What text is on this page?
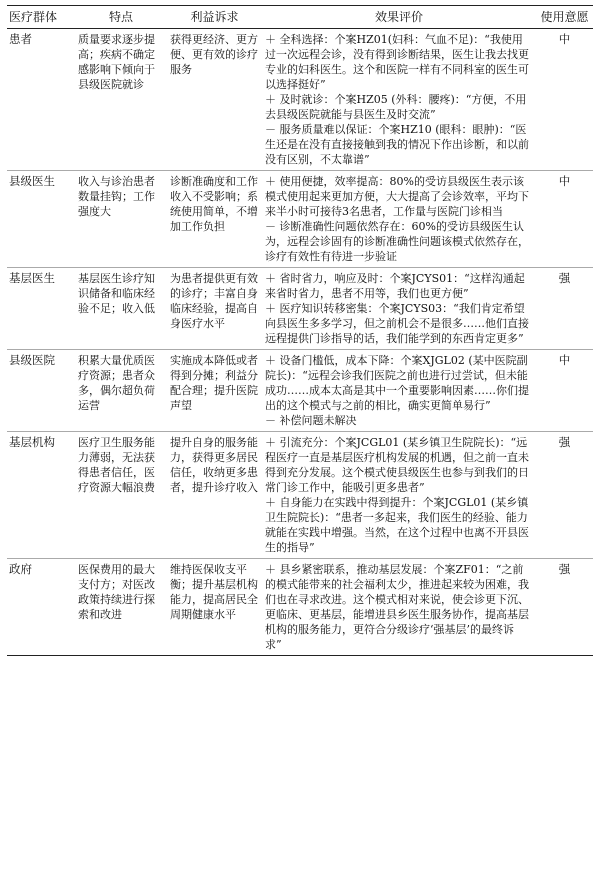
医疗群体	特点	利益诉求	效果评价	使用意愿
患者	质量要求逐步提高；疾病不确定感影响下倾向于县级医院就诊	获得更经济、更方便、更有效的诊疗服务	＋ 全科选择：个案HZ01(妇科：气血不足)：“我使用过一次远程会诊，没有得到诊断结果，医生让我去找更专业的妇科医生。这个和医院一样有不同科室的医生可以选择挺好”

＋ 及时就诊：个案HZ05 (外科：腰疼)：“方便，不用去县级医院就能与县医生及时交流”

－ 服务质量难以保证：个案HZ10 (眼科：眼肿)：“医生还是在没有直接接触到我的情况下作出诊断，和以前没有区别，不太靠谱”	中
县级医生	收入与诊治患者数量挂钩；工作强度大	诊断准确度和工作收入不受影响；系统使用简单，不增加工作负担	＋ 使用便捷，效率提高：80%的受访县级医生表示该模式使用起来更加方便，大大提高了会诊效率，平均下来半小时可接待3名患者，工作量与医院门诊相当

－ 诊断准确性问题依然存在：60%的受访县级医生认为，远程会诊固有的诊断准确性问题该模式依然存在，诊疗有效性有待进一步验证	中
基层医生	基层医生诊疗知识储备和临床经验不足；收入低	为患者提供更有效的诊疗；丰富自身临床经验，提高自身医疗水平	＋ 省时省力，响应及时：个案JCYS01：“这样沟通起来省时省力，患者不用等，我们也更方便”

＋ 医疗知识转移密集：个案JCYS03：“我们肯定希望向县医生多多学习，但之前机会不是很多……他们直接远程提供门诊指导的话，我们能学到的东西肯定更多”	强
县级医院	积累大量优质医疗资源；患者众多，偶尔超负荷运营	实施成本降低或者得到分摊；利益分配合理；提升医院声望	＋ 设备门槛低，成本下降：个案XJGL02 (某中医院副院长)：“远程会诊我们医院之前也进行过尝试，但未能成功……成本太高是其中一个重要影响因素……你们提出的这个模式与之前的相比，确实更简单易行”

－ 补偿问题未解决	中
基层机构	医疗卫生服务能力薄弱，无法获得患者信任，医疗资源大幅浪费	提升自身的服务能力，获得更多居民信任，收纳更多患者，提升诊疗收入	＋ 引流充分：个案JCGL01 (某乡镇卫生院院长)：“远程医疗一直是基层医疗机构发展的机遇，但之前一直未得到充分发展。这个模式使县级医生也参与到我们的日常门诊工作中，能吸引更多患者”

＋ 自身能力在实践中得到提升：个案JCGL01 (某乡镇卫生院院长)：“患者一多起来，我们医生的经验、能力就能在实践中增强。当然，在这个过程中也离不开县医生的指导”	强
政府	医保费用的最大支付方；对医改政策持续进行探索和改进	维持医保收支平衡；提升基层机构能力，提高居民全周期健康水平	＋ 县乡紧密联系，推动基层发展：个案ZF01：“之前的模式能带来的社会福利太少，推进起来较为困难，我们也在寻求改进。这个模式相对来说，使会诊更下沉、更临床、更基层，能增进县乡医生服务协作，提高基层机构的服务能力，更符合分级诊疗‘强基层’的最终诉求”	强
